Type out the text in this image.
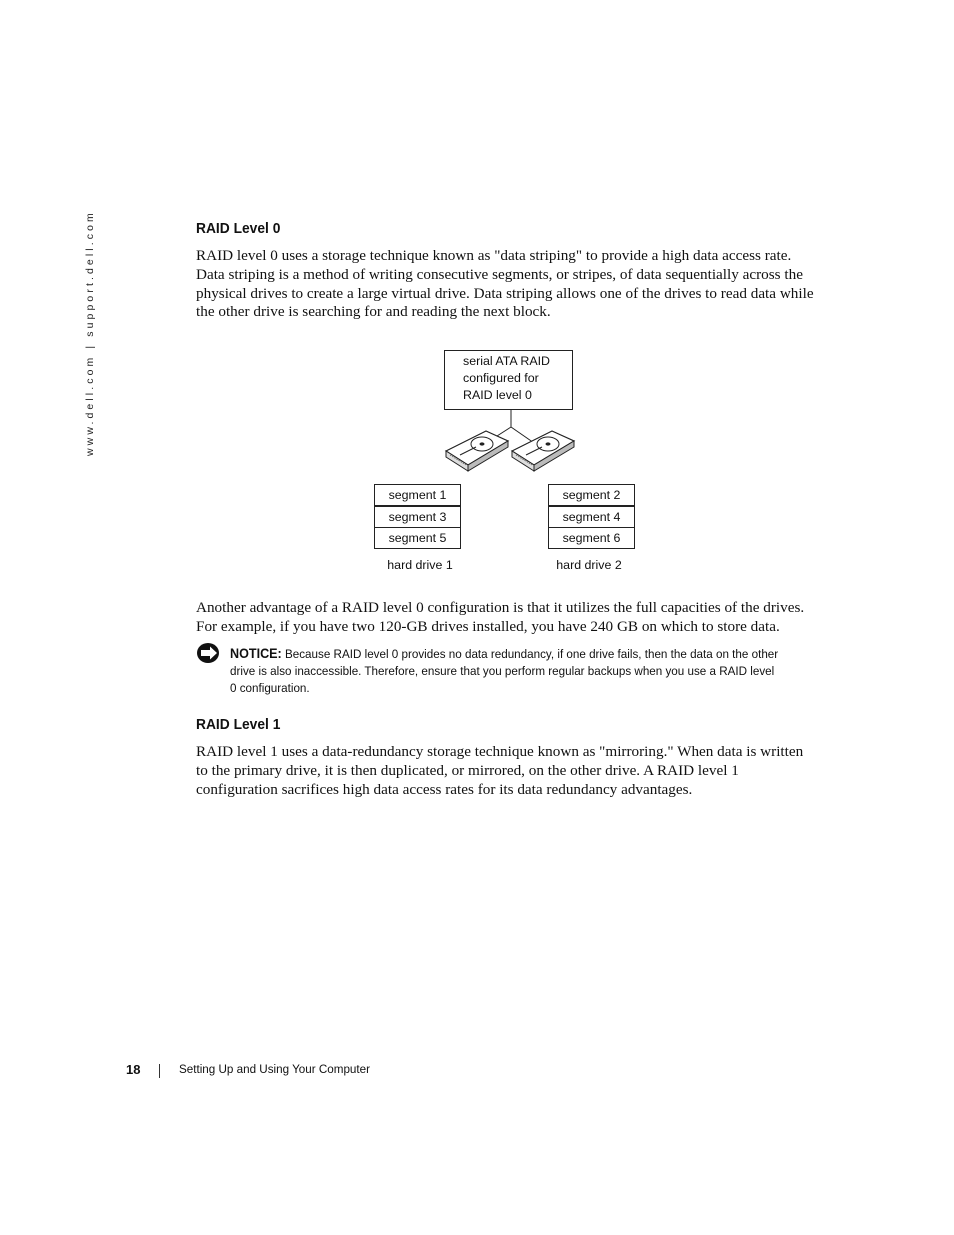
www.dell.com | support.dell.com	RAID Level 0

RAID level 0 uses a storage technique known as "data striping" to provide a high data access rate. Data striping is a method of writing consecutive segments, or stripes, of data sequentially across the physical drives to create a large virtual drive. Data striping allows one of the drives to read data while the other drive is searching for and reading the next block.

serial ATA RAID
configured for
RAID level 0
segment 1
segment 3
segment 5
segment 2
segment 4
segment 6
hard drive 1	hard drive 2

Another advantage of a RAID level 0 configuration is that it utilizes the full capacities of the drives. For example, if you have two 120-GB drives installed, you have 240 GB on which to store data.

NOTICE: Because RAID level 0 provides no data redundancy, if one drive fails, then the data on the other drive is also inaccessible. Therefore, ensure that you perform regular backups when you use a RAID level 0 configuration.

RAID Level 1

RAID level 1 uses a data-redundancy storage technique known as "mirroring." When data is written to the primary drive, it is then duplicated, or mirrored, on the other drive. A RAID level 1 configuration sacrifices high data access rates for its data redundancy advantages.

18	Setting Up and Using Your Computer
